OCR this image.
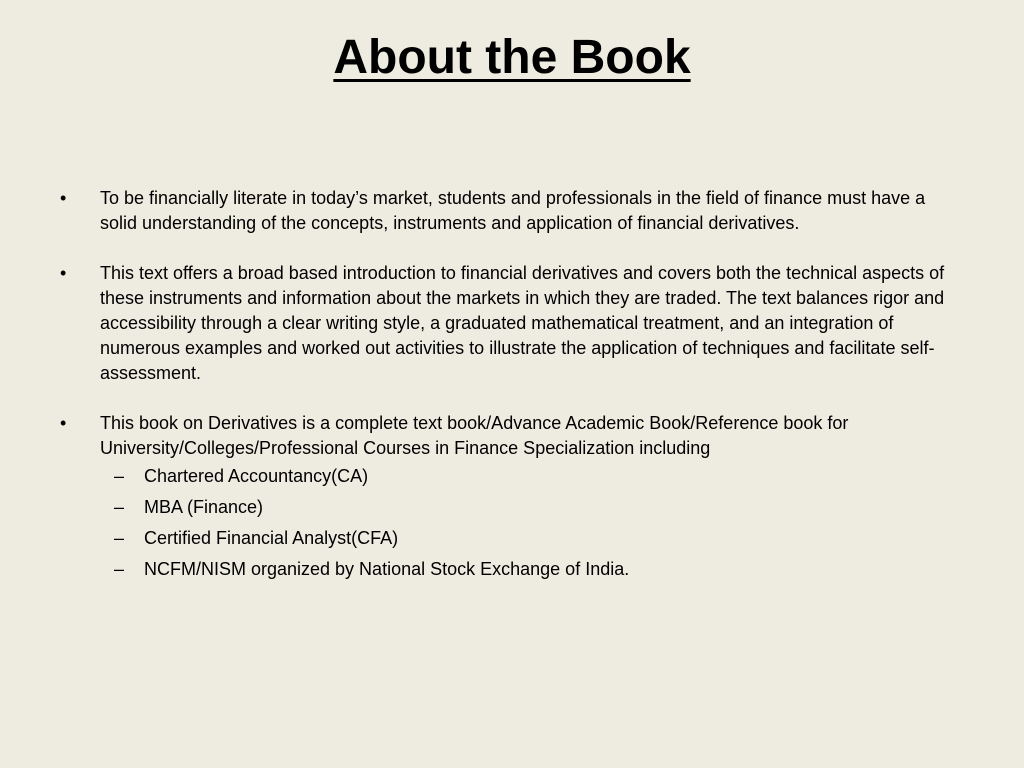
About the Book
•	To be financially literate in today’s market, students and professionals in the field of finance must have a solid understanding of the concepts, instruments and application of financial derivatives.
•	This text offers a broad based introduction to financial derivatives and covers both the technical aspects of these instruments and information about the markets in which they are traded. The text balances rigor and accessibility through a clear writing style, a graduated mathematical treatment, and an integration of numerous examples and worked out activities to illustrate the application of techniques and facilitate self-assessment.
•	This book on Derivatives is a complete text book/Advance Academic Book/Reference book for University/Colleges/Professional Courses in Finance Specialization including
–	Chartered Accountancy(CA)
–	MBA (Finance)
–	Certified Financial Analyst(CFA)
–	NCFM/NISM organized by National Stock Exchange of India.
